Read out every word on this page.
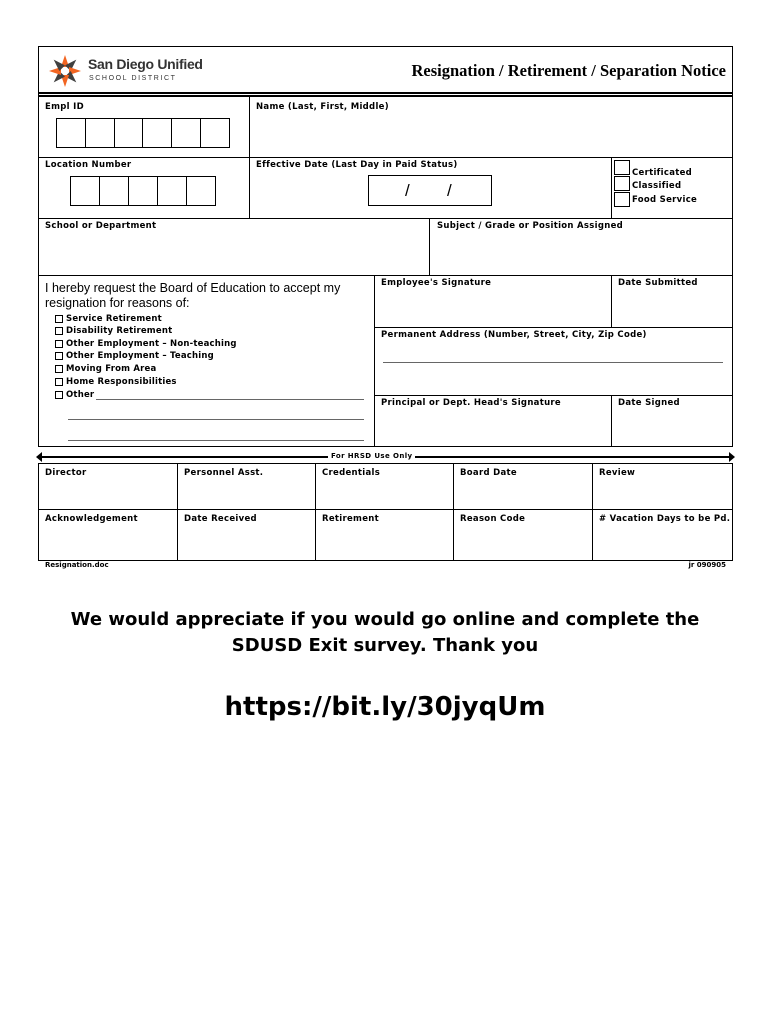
San Diego Unified
SCHOOL DISTRICT	Resignation / Retirement / Separation Notice
Empl ID	Name (Last, First, Middle)
Location Number	Effective Date (Last Day in Paid Status)
/ /
Certificated
Classified
Food Service
School or Department	Subject / Grade or Position Assigned
I hereby request the Board of Education to accept my
resignation for reasons of:
Service Retirement
Disability Retirement
Other Employment – Non-teaching
Other Employment – Teaching
Moving From Area
Home Responsibilities
Other
Employee's Signature	Date Submitted
Permanent Address (Number, Street, City, Zip Code)
Principal or Dept. Head's Signature	Date Signed
For HRSD Use Only
Director	Personnel Asst.	Credentials	Board Date	Review
Acknowledgement	Date Received	Retirement	Reason Code	# Vacation Days to be Pd.
Resignation.doc	jr 090905
We would appreciate if you would go online and complete the
SDUSD Exit survey. Thank you
https://bit.ly/30jyqUm
